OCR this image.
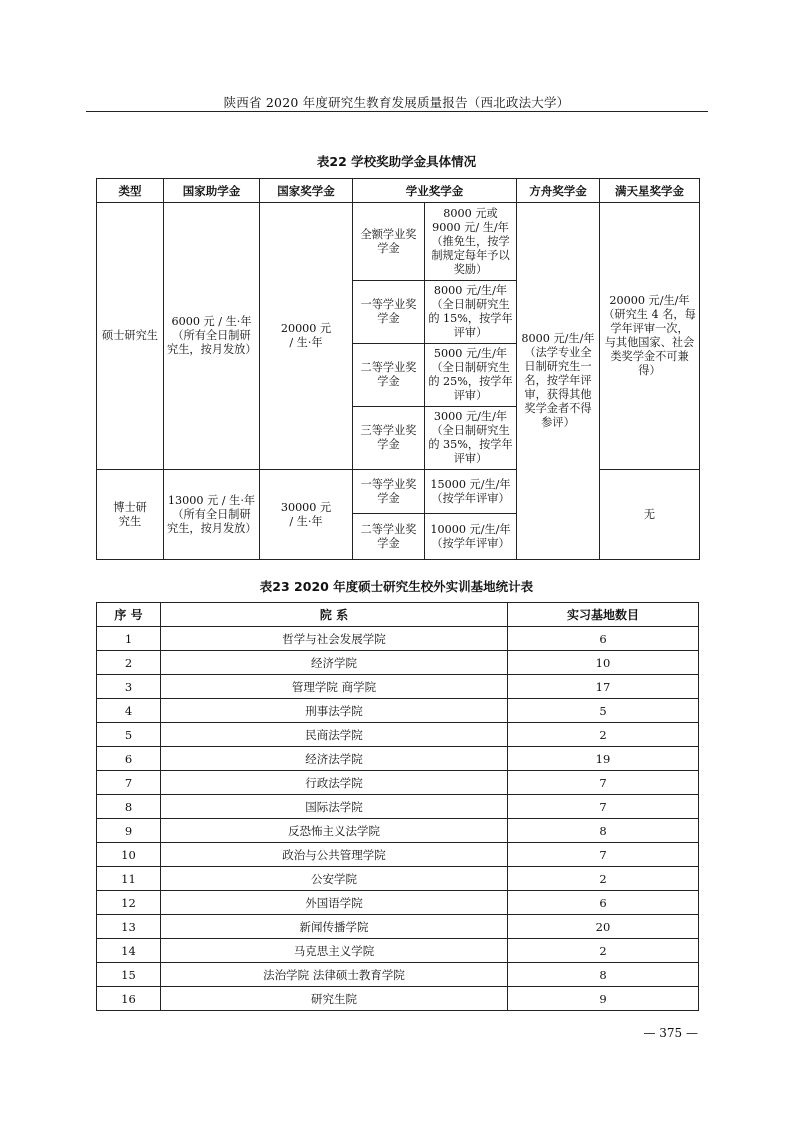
陕西省 2020 年度研究生教育发展质量报告（西北政法大学）
表22 学校奖助学金具体情况
类型	国家助学金	国家奖学金	学业奖学金		方舟奖学金	满天星奖学金
硕士研究生	6000 元 / 生·年（所有全日制研究生，按月发放）	20000 元 / 生·年	全额学业奖学金	8000 元或 9000 元/ 生/年（推免生，按学制规定每年予以奖励）	8000 元/生/年（法学专业全日制研究生一名，按学年评审，获得其他奖学金者不得参评）	20000 元/生/年（研究生 4 名，每学年评审一次， 与其他国家、社会类奖学金不可兼得）

			一等学业奖学金	8000 元/生/年（全日制研究生的 15%，按学年评审）		

			二等学业奖学金	5000 元/生/年（全日制研究生的 25%，按学年评审）		

			三等学业奖学金	3000 元/生/年（全日制研究生的 35%，按学年评审）		

博士研究生	13000 元 / 生·年（所有全日制研究生，按月发放）	30000 元 / 生·年	一等学业奖学金	15000 元/生/年（按学年评审）		无

			二等学业奖学金	10000 元/生/年（按学年评审）		
表23 2020 年度硕士研究生校外实训基地统计表
序 号	院 系	实习基地数目
1	哲学与社会发展学院	6
2	经济学院	10
3	管理学院 商学院	17
4	刑事法学院	5
5	民商法学院	2
6	经济法学院	19
7	行政法学院	7
8	国际法学院	7
9	反恐怖主义法学院	8
10	政治与公共管理学院	7
11	公安学院	2
12	外国语学院	6
13	新闻传播学院	20
14	马克思主义学院	2
15	法治学院 法律硕士教育学院	8
16	研究生院	9
— 375 —
